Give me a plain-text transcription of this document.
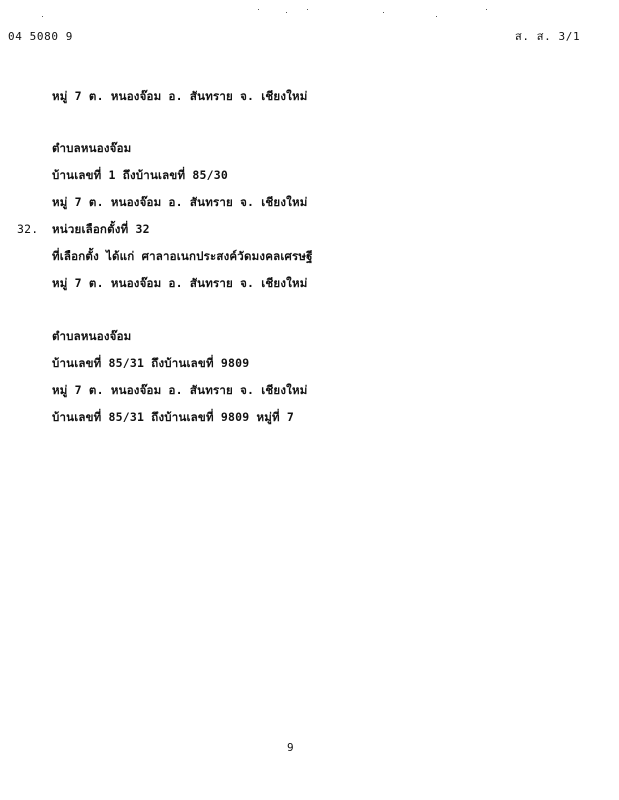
04 5080 9	ส. ส. 3/1
หมู่ 7 ต. หนองจ๊อม อ. สันทราย จ. เชียงใหม่
ตำบลหนองจ๊อม
บ้านเลขที่ 1 ถึงบ้านเลขที่ 85/30
หมู่ 7 ต. หนองจ๊อม อ. สันทราย จ. เชียงใหม่
32. หน่วยเลือกตั้งที่ 32
ที่เลือกตั้ง ได้แก่ ศาลาอเนกประสงค์วัดมงคลเศรษฐี
หมู่ 7 ต. หนองจ๊อม อ. สันทราย จ. เชียงใหม่
ตำบลหนองจ๊อม
บ้านเลขที่ 85/31 ถึงบ้านเลขที่ 9809
หมู่ 7 ต. หนองจ๊อม อ. สันทราย จ. เชียงใหม่
บ้านเลขที่ 85/31 ถึงบ้านเลขที่ 9809 หมู่ที่ 7
9
